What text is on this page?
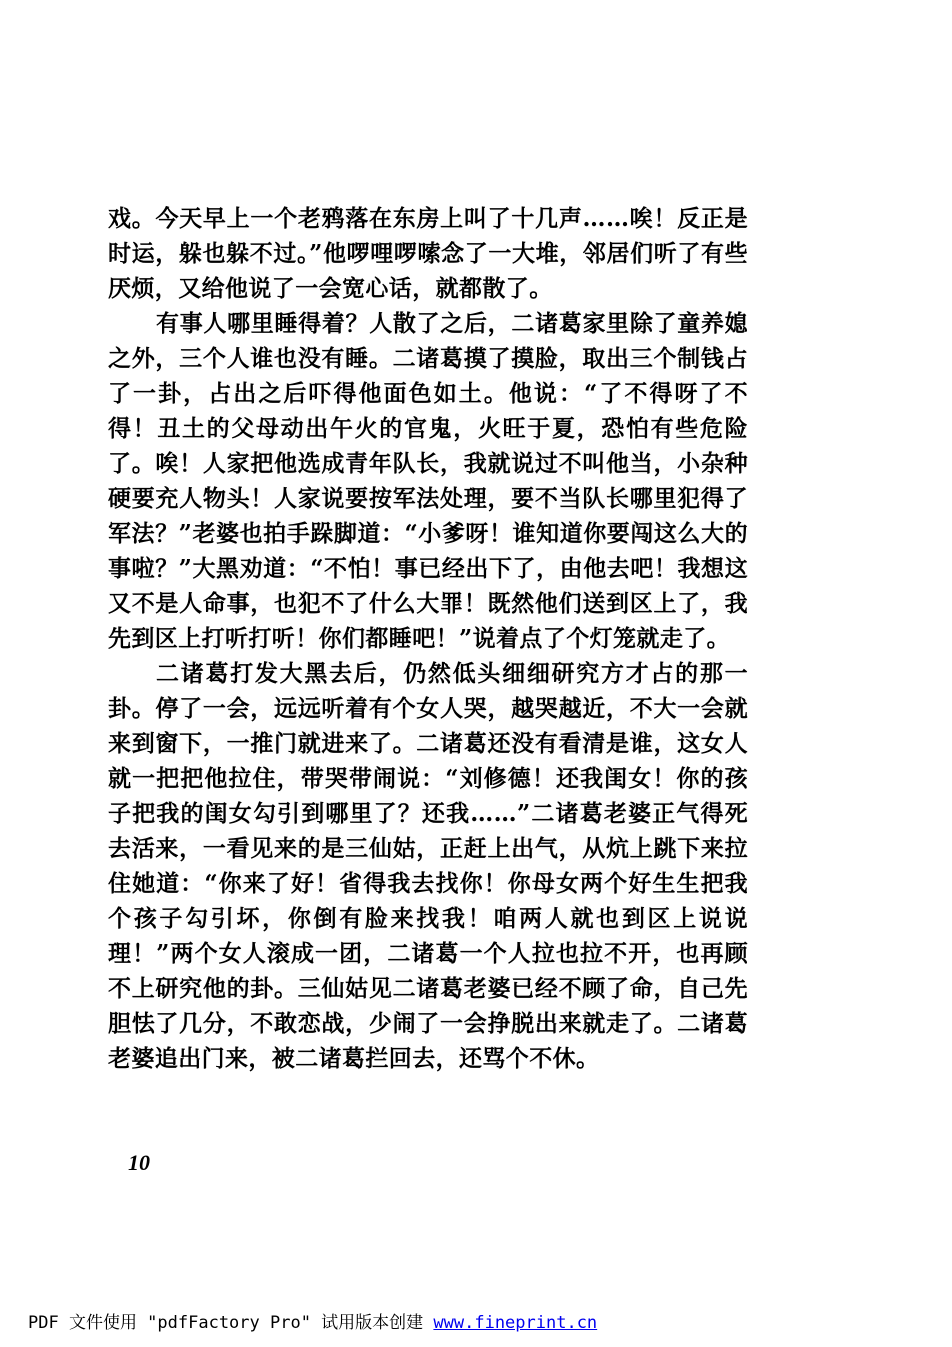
戏。今天早上一个老鸦落在东房上叫了十几声……唉！反正是时运，躲也躲不过。”他啰哩啰嗦念了一大堆，邻居们听了有些厌烦，又给他说了一会宽心话，就都散了。

有事人哪里睡得着？人散了之后，二诸葛家里除了童养媳之外，三个人谁也没有睡。二诸葛摸了摸脸，取出三个制钱占了一卦，占出之后吓得他面色如土。他说：“了不得呀了不得！丑土的父母动出午火的官鬼，火旺于夏，恐怕有些危险了。唉！人家把他选成青年队长，我就说过不叫他当，小杂种硬要充人物头！人家说要按军法处理，要不当队长哪里犯得了军法？”老婆也拍手跺脚道：“小爹呀！谁知道你要闯这么大的事啦？”大黑劝道：“不怕！事已经出下了，由他去吧！我想这又不是人命事，也犯不了什么大罪！既然他们送到区上了，我先到区上打听打听！你们都睡吧！”说着点了个灯笼就走了。

二诸葛打发大黑去后，仍然低头细细研究方才占的那一卦。停了一会，远远听着有个女人哭，越哭越近，不大一会就来到窗下，一推门就进来了。二诸葛还没有看清是谁，这女人就一把把他拉住，带哭带闹说：“刘修德！还我闺女！你的孩子把我的闺女勾引到哪里了？还我……”二诸葛老婆正气得死去活来，一看见来的是三仙姑，正赶上出气，从炕上跳下来拉住她道：“你来了好！省得我去找你！你母女两个好生生把我个孩子勾引坏，你倒有脸来找我！咱两人就也到区上说说理！”两个女人滚成一团，二诸葛一个人拉也拉不开，也再顾不上研究他的卦。三仙姑见二诸葛老婆已经不顾了命，自己先胆怯了几分，不敢恋战，少闹了一会挣脱出来就走了。二诸葛老婆追出门来，被二诸葛拦回去，还骂个不休。

10
PDF 文件使用 "pdfFactory Pro" 试用版本创建 www.fineprint.cn
